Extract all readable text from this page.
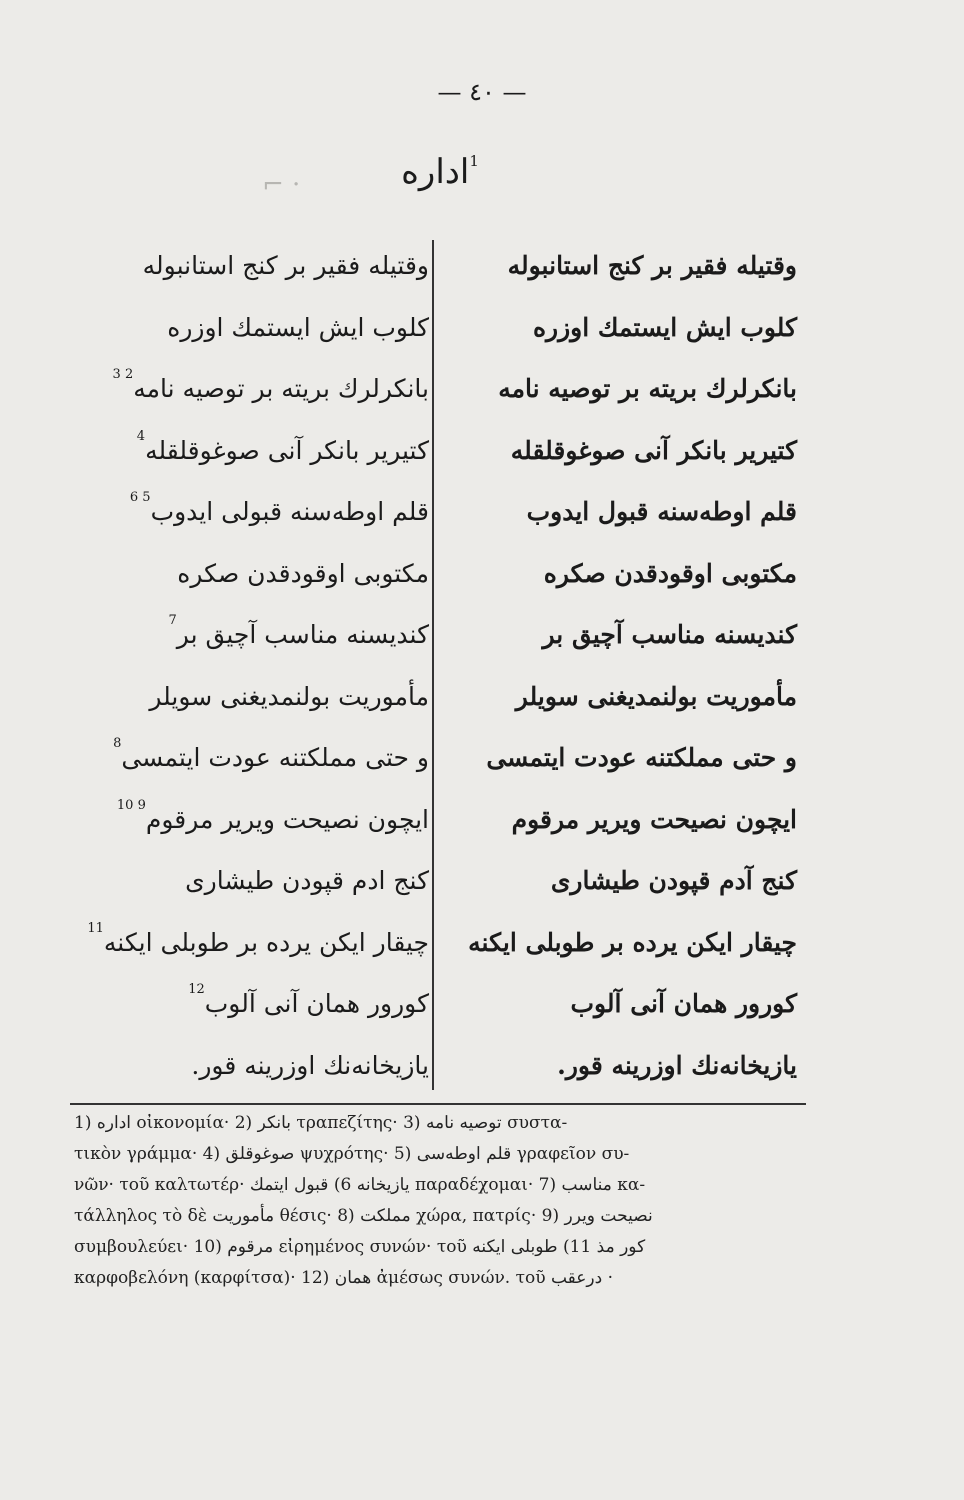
— ٤٠ —
⌐ ·
$^1$اداره
وقتيله فقير بر كنج استانبوله
كلوب ايش ايستمك اوزره
بانكرلرك بريته بر توصيه نامه$^{2 3}$
كتيرير بانكر آنى صوغوقلقله$^4$
قلم اوطه‌سنه قبولى ايدوب$^{5 6}$
مكتوبى اوقودقدن صكره
كنديسنه مناسب آچيق بر$^7$
مأموريت بولنمديغنى سويلر
و حتى مملكتنه عودت ايتمسى$^8$
ايچون نصيحت ويرير مرقوم$^{9 10}$
كنج ادم قپودن طيشارى
چيقار ايكن يرده بر طوبلى ايكنه$^{11}$
كورور همان آنى آلوب$^{12}$
يازيخانه‌نك اوزرينه قور.
وقتيله فقير بر كنج استانبوله
كلوب ايش ايستمك اوزره
بانكرلرك بريته بر توصيه نامه
كتيرير بانكر آنى صوغوقلقله
قلم اوطه‌سنه قبول ايدوب
مكتوبى اوقودقدن صكره
كنديسنه مناسب آچيق بر
مأموريت بولنمديغنى سويلر
و حتى مملكتنه عودت ايتمسى
ايچون نصيحت ويرير مرقوم
كنج آدم قپودن طيشارى
چيقار ايكن يرده بر طوبلى ايكنه
كورور همان آنى آلوب
يازيخانه‌نك اوزرينه قور.
1) اداره οἰκονομία· 2) بانكر τραπεζίτης· 3) توصيه نامه συστα-
τικὸν γράμμα· 4) صوغوقلق ψυχρότης· 5) قلم اوطه‌سى γραφεῖον συ-
νῶν· τοῦ καλτωτέρ· يازيخانه 6) قبول ايتمك παραδέχομαι· 7) مناسب κα-
τάλληλος τὸ δὲ مأموريت θέσις· 8) مملكت χώρα, πατρίς· 9) نصيحت ويرر
συμβουλεύει· 10) مرقوم εἰρημένος συνών· τοῦ كور مذ 11) طوبلى ايكنه
καρφοβελόνη (καρφίτσα)· 12) همان ἀμέσως συνών. τοῦ درعقب ·
